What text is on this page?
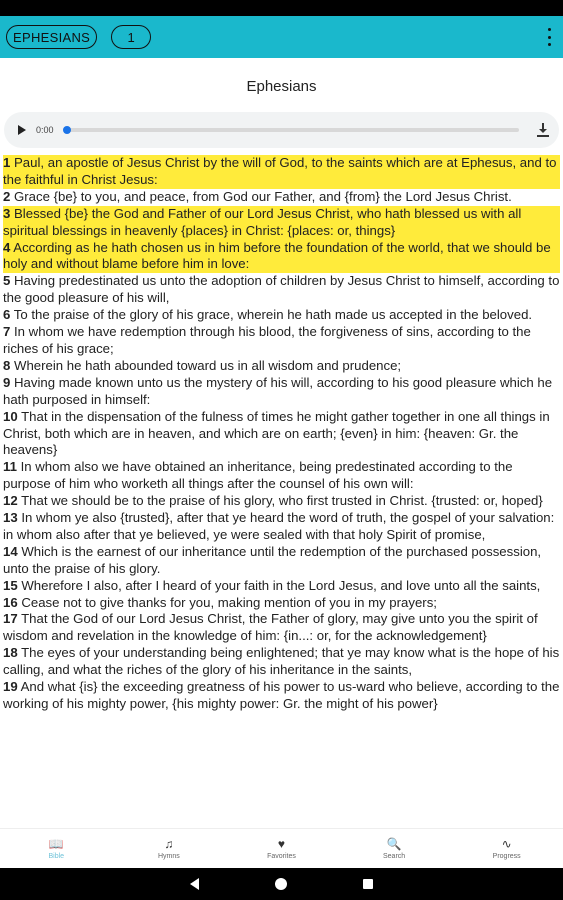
EPHESIANS	1
Ephesians
0:00
1 Paul, an apostle of Jesus Christ by the will of God, to the saints which are at Ephesus, and to the faithful in Christ Jesus:
2 Grace {be} to you, and peace, from God our Father, and {from} the Lord Jesus Christ.
3 Blessed {be} the God and Father of our Lord Jesus Christ, who hath blessed us with all spiritual blessings in heavenly {places} in Christ: {places: or, things}
4 According as he hath chosen us in him before the foundation of the world, that we should be holy and without blame before him in love:
5 Having predestinated us unto the adoption of children by Jesus Christ to himself, according to the good pleasure of his will,
6 To the praise of the glory of his grace, wherein he hath made us accepted in the beloved.
7 In whom we have redemption through his blood, the forgiveness of sins, according to the riches of his grace;
8 Wherein he hath abounded toward us in all wisdom and prudence;
9 Having made known unto us the mystery of his will, according to his good pleasure which he hath purposed in himself:
10 That in the dispensation of the fulness of times he might gather together in one all things in Christ, both which are in heaven, and which are on earth; {even} in him: {heaven: Gr. the heavens}
11 In whom also we have obtained an inheritance, being predestinated according to the purpose of him who worketh all things after the counsel of his own will:
12 That we should be to the praise of his glory, who first trusted in Christ. {trusted: or, hoped}
13 In whom ye also {trusted}, after that ye heard the word of truth, the gospel of your salvation: in whom also after that ye believed, ye were sealed with that holy Spirit of promise,
14 Which is the earnest of our inheritance until the redemption of the purchased possession, unto the praise of his glory.
15 Wherefore I also, after I heard of your faith in the Lord Jesus, and love unto all the saints,
16 Cease not to give thanks for you, making mention of you in my prayers;
17 That the God of our Lord Jesus Christ, the Father of glory, may give unto you the spirit of wisdom and revelation in the knowledge of him: {in...: or, for the acknowledgement}
18 The eyes of your understanding being enlightened; that ye may know what is the hope of his calling, and what the riches of the glory of his inheritance in the saints,
19 And what {is} the exceeding greatness of his power to us-ward who believe, according to the working of his mighty power, {his mighty power: Gr. the might of his power}
📖
Bible
♫
Hymns
♥
Favorites
🔍
Search
∿
Progress
